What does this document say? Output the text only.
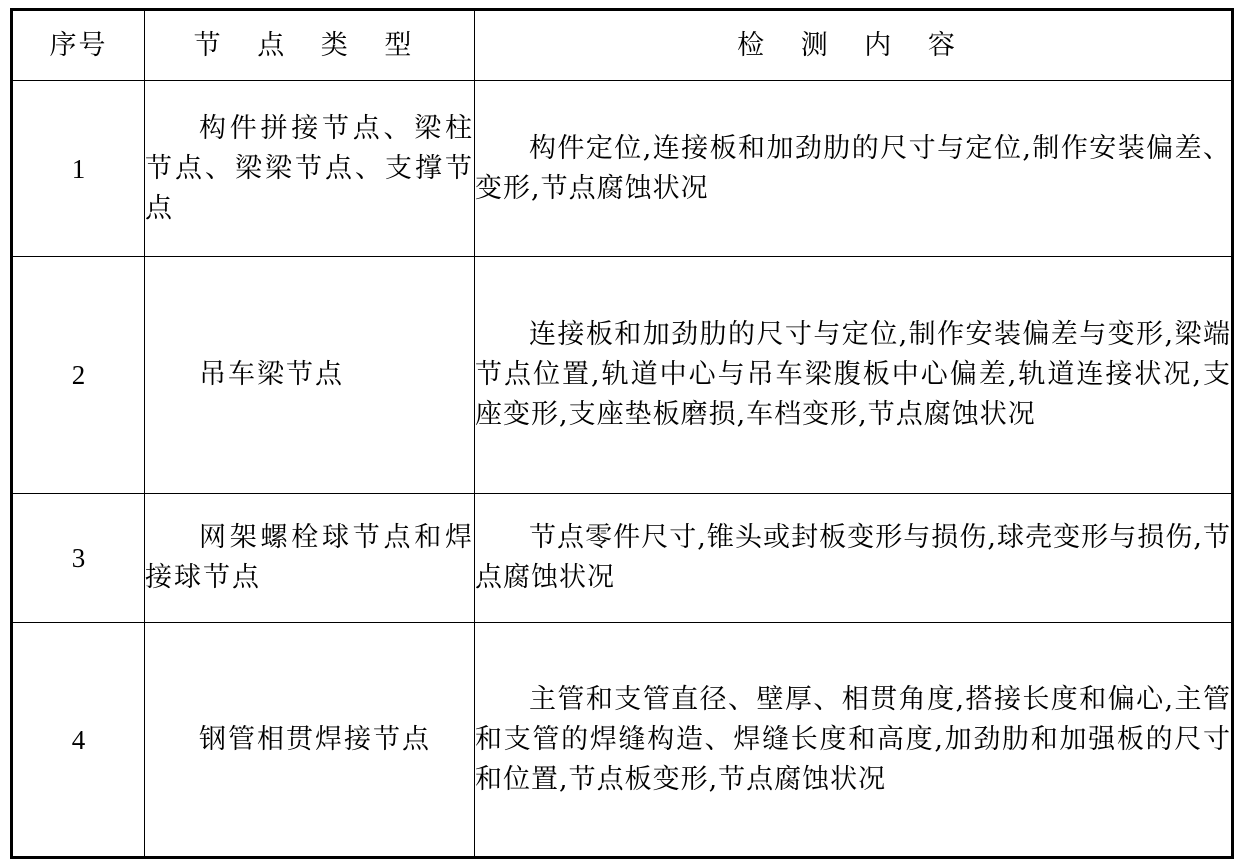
序号	节 点 类 型	检 测 内 容
1	构件拼接节点、梁柱节点、梁梁节点、支撑节点	构件定位,连接板和加劲肋的尺寸与定位,制作安装偏差、变形,节点腐蚀状况
2	吊车梁节点	连接板和加劲肋的尺寸与定位,制作安装偏差与变形,梁端节点位置,轨道中心与吊车梁腹板中心偏差,轨道连接状况,支座变形,支座垫板磨损,车档变形,节点腐蚀状况
3	网架螺栓球节点和焊接球节点	节点零件尺寸,锥头或封板变形与损伤,球壳变形与损伤,节点腐蚀状况
4	钢管相贯焊接节点	主管和支管直径、壁厚、相贯角度,搭接长度和偏心,主管和支管的焊缝构造、焊缝长度和高度,加劲肋和加强板的尺寸和位置,节点板变形,节点腐蚀状况
